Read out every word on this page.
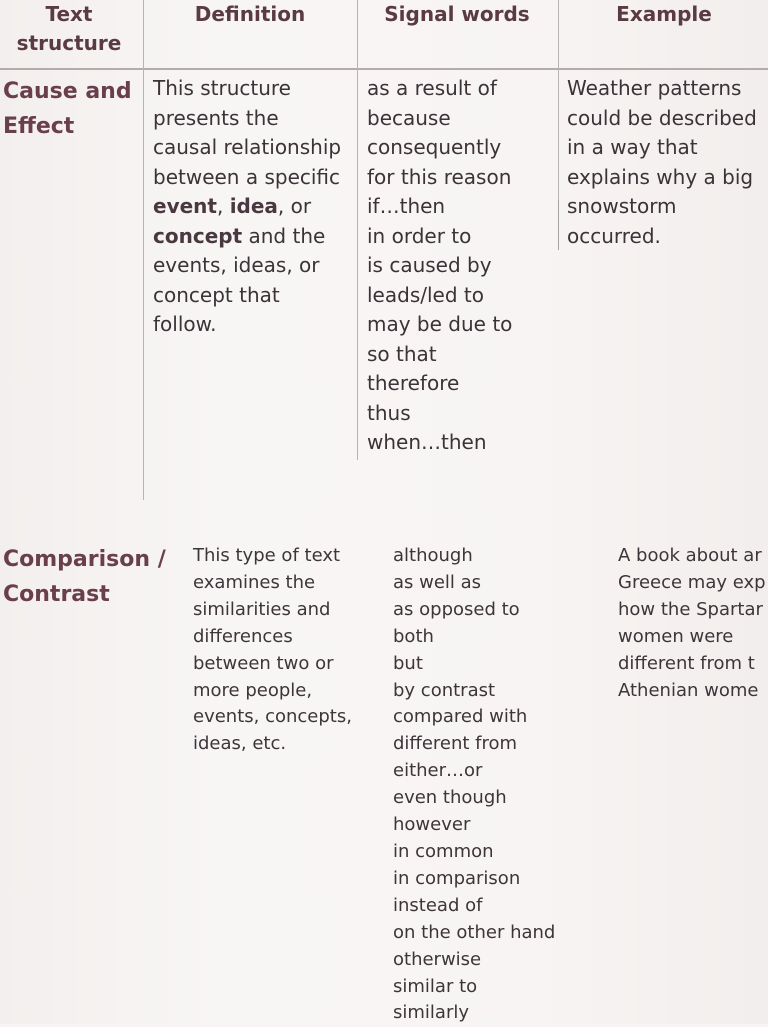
Text
structure
Definition	Signal words	Example
Cause and
Effect
This structure
presents the
causal relationship
between a specific
event, idea, or
concept and the
events, ideas, or
concept that
follow.
as a result of
because
consequently
for this reason
if…then
in order to
is caused by
leads/led to
may be due to
so that
therefore
thus
when…then
Weather patterns
could be described
in a way that
explains why a big
snowstorm
occurred.
Comparison /
Contrast
This type of text
examines the
similarities and
differences
between two or
more people,
events, concepts,
ideas, etc.
although
as well as
as opposed to
both
but
by contrast
compared with
different from
either…or
even though
however
in common
in comparison
instead of
on the other hand
otherwise
similar to
similarly
A book about ar
Greece may exp
how the Spartar
women were
different from t
Athenian wome
